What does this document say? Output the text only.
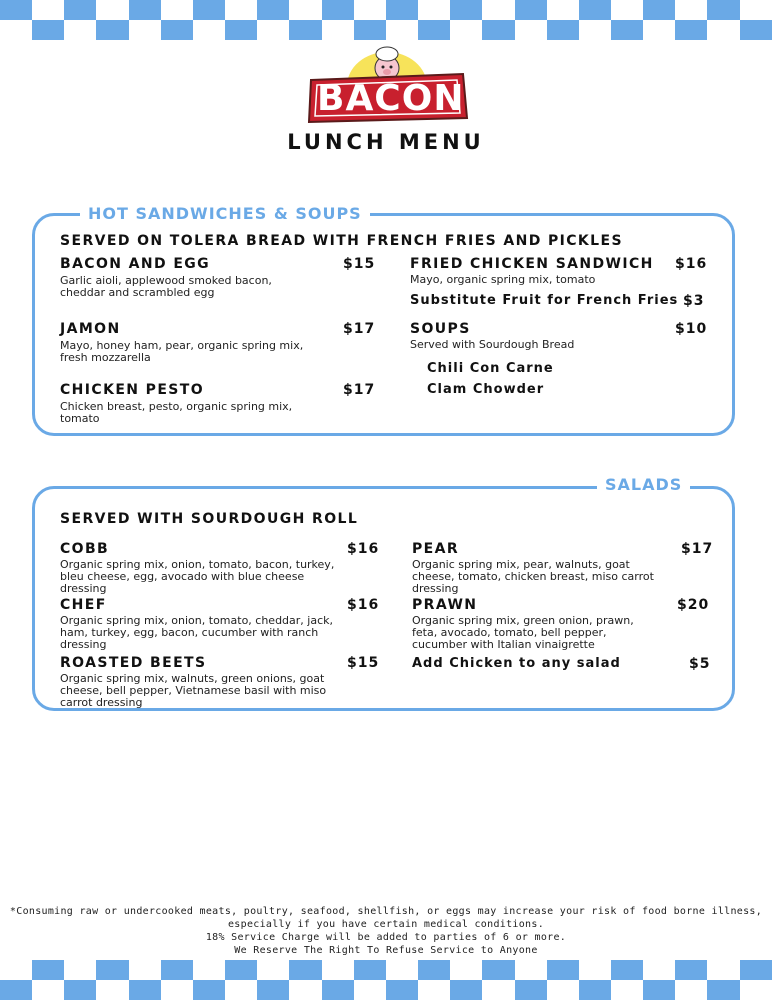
BACON
LUNCH MENU
HOT SANDWICHES & SOUPS
SERVED ON TOLERA BREAD WITH FRENCH FRIES AND PICKLES
BACON AND EGG	$15
Garlic aioli, applewood smoked bacon, cheddar and scrambled egg
JAMON	$17
Mayo, honey ham, pear, organic spring mix, fresh mozzarella
CHICKEN PESTO	$17
Chicken breast, pesto, organic spring mix, tomato
FRIED CHICKEN SANDWICH $16
Mayo, organic spring mix, tomato
Substitute Fruit for French Fries $3
SOUPS	$10
Served with Sourdough Bread
Chili Con Carne
Clam Chowder
SALADS
SERVED WITH SOURDOUGH ROLL
COBB	$16
Organic spring mix, onion, tomato, bacon, turkey, bleu cheese, egg, avocado with blue cheese dressing
CHEF	$16
Organic spring mix, onion, tomato, cheddar, jack, ham, turkey, egg, bacon, cucumber with ranch dressing
ROASTED BEETS	$15
Organic spring mix, walnuts, green onions, goat cheese, bell pepper, Vietnamese basil with miso carrot dressing
PEAR	$17
Organic spring mix, pear, walnuts, goat cheese, tomato, chicken breast, miso carrot dressing
PRAWN	$20
Organic spring mix, green onion, prawn, feta, avocado, tomato, bell pepper, cucumber with Italian vinaigrette
Add Chicken to any salad	$5
*Consuming raw or undercooked meats, poultry, seafood, shellfish, or eggs may increase your risk of food borne illness,
especially if you have certain medical conditions.
18% Service Charge will be added to parties of 6 or more.
We Reserve The Right To Refuse Service to Anyone
